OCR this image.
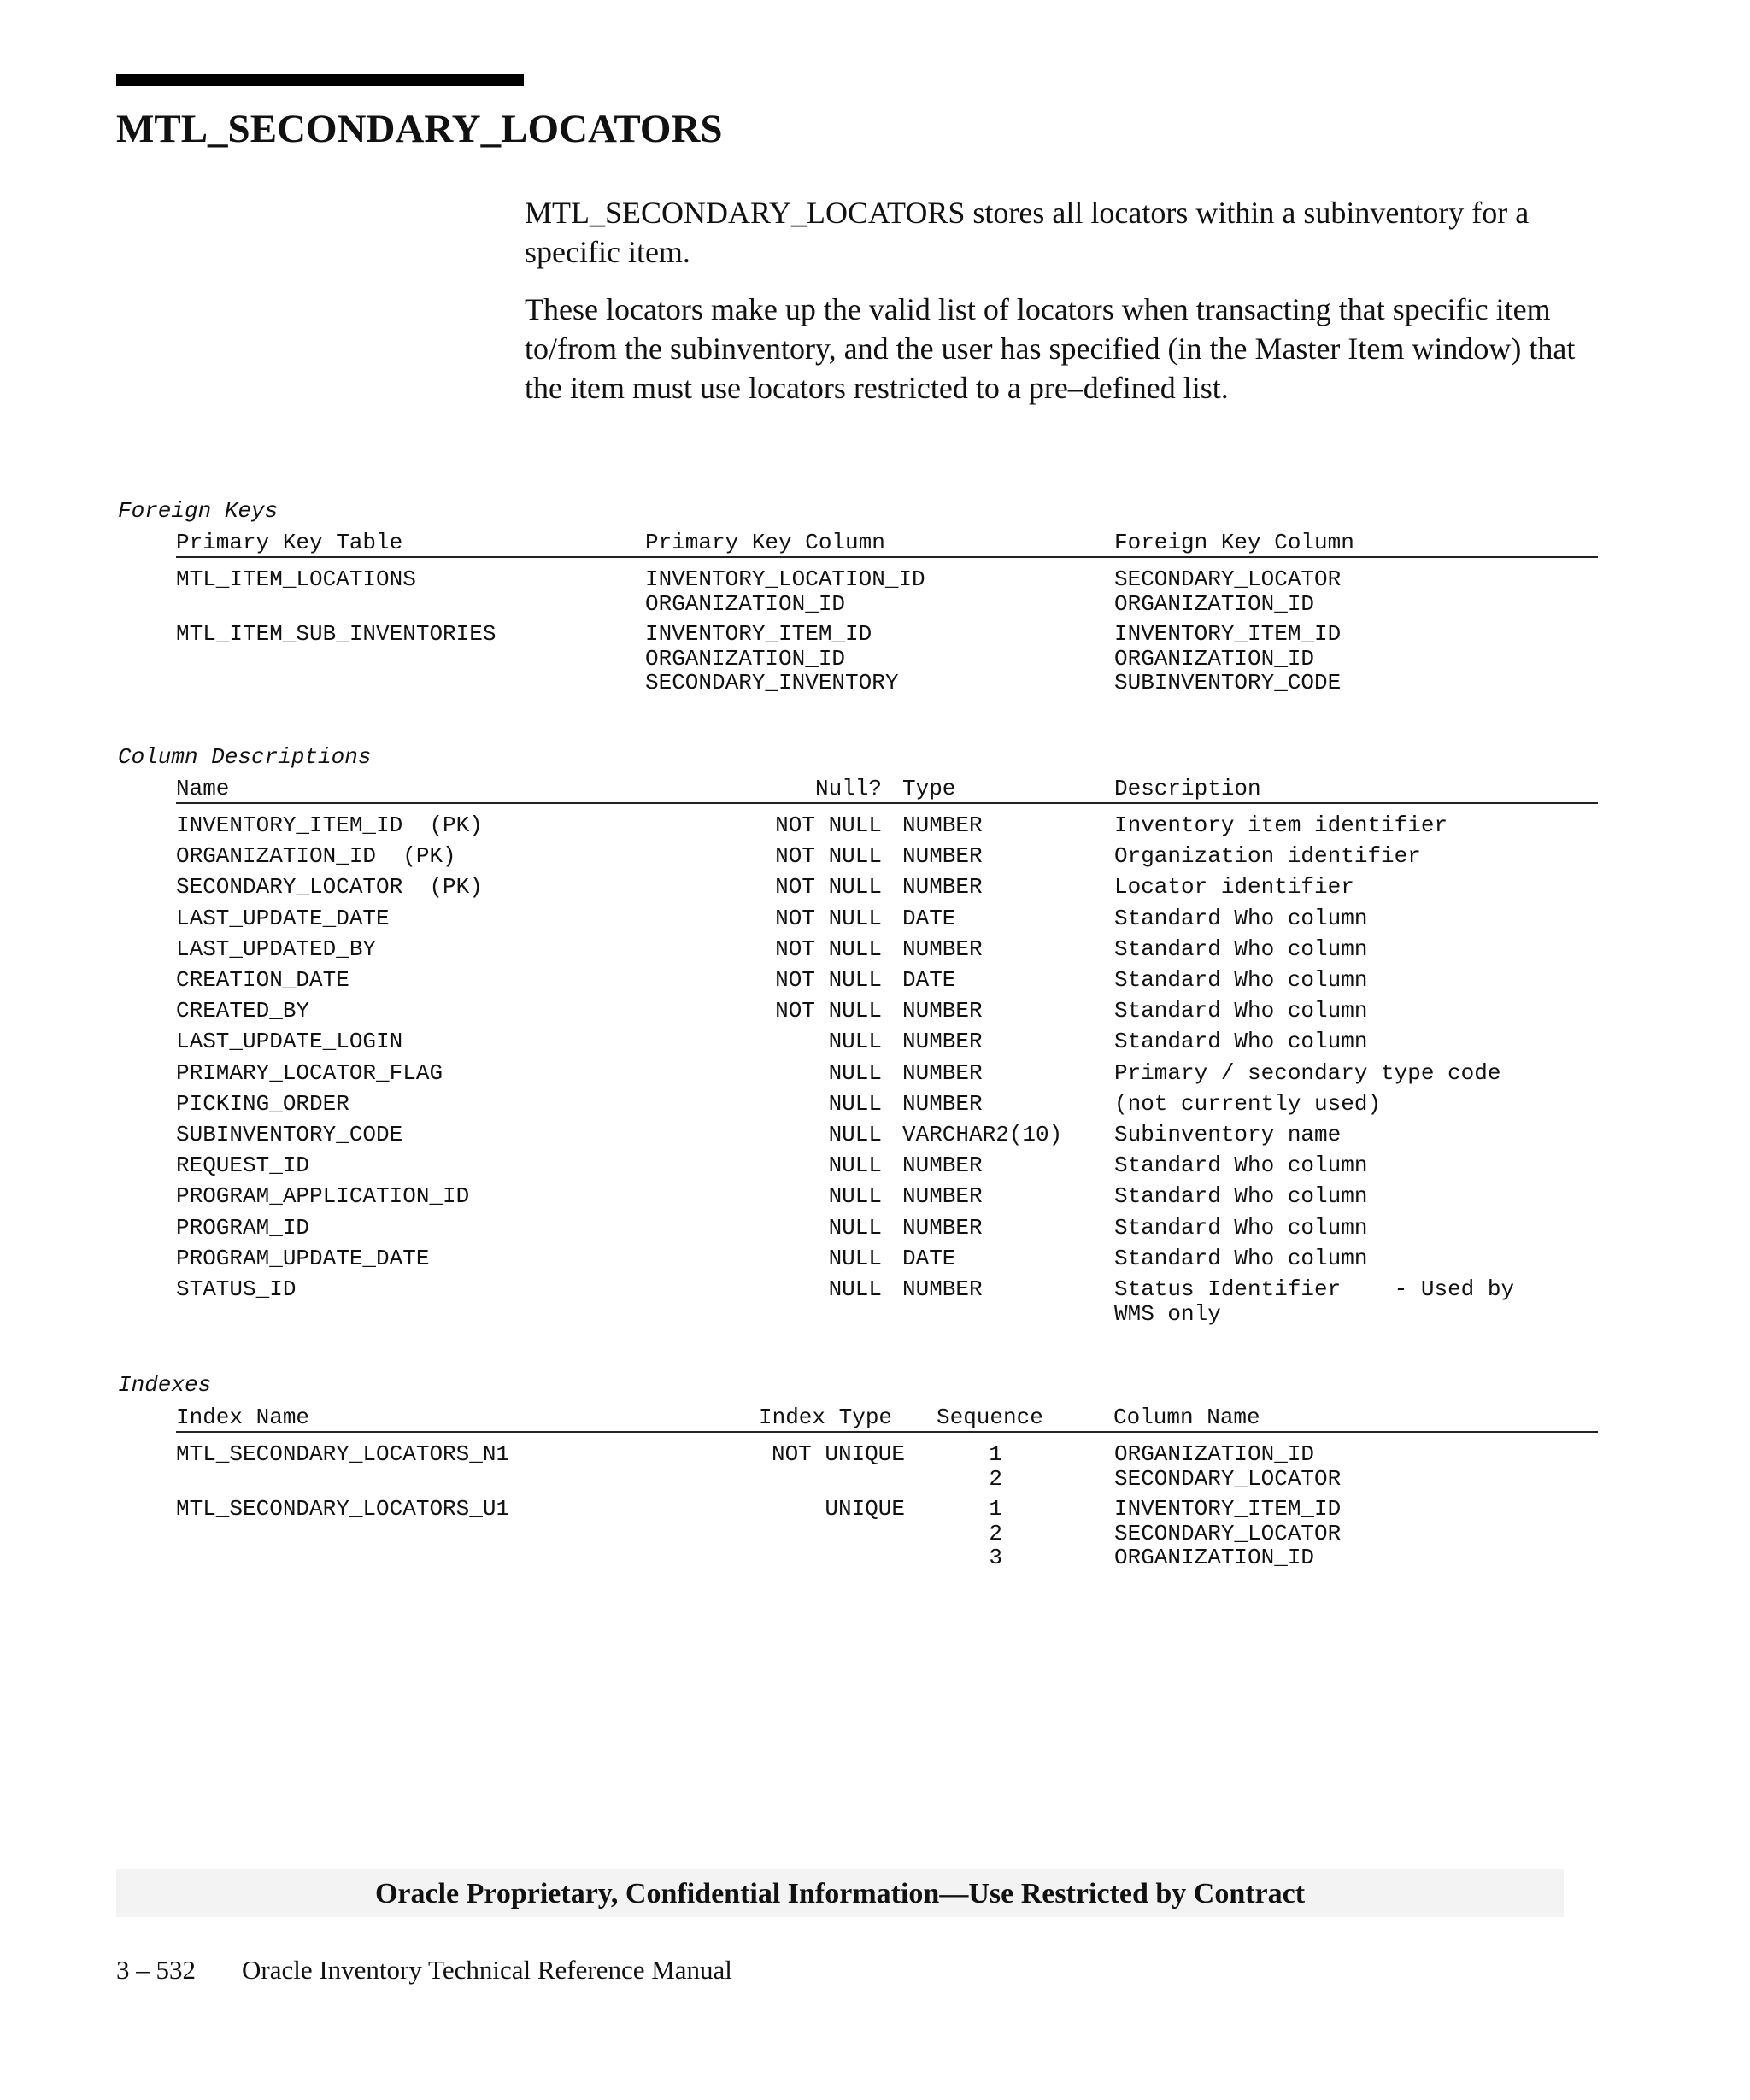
MTL_SECONDARY_LOCATORS

MTL_SECONDARY_LOCATORS stores all locators within a subinventory for a specific item.

These locators make up the valid list of locators when transacting that specific item to/from the subinventory, and the user has specified (in the Master Item window) that the item must use locators restricted to a pre–defined list.

Foreign Keys
Primary Key Table	Primary Key Column	Foreign Key Column
MTL_ITEM_LOCATIONS	INVENTORY_LOCATION_ID	SECONDARY_LOCATOR
ORGANIZATION_ID	ORGANIZATION_ID
MTL_ITEM_SUB_INVENTORIES	INVENTORY_ITEM_ID	INVENTORY_ITEM_ID
ORGANIZATION_ID	ORGANIZATION_ID
SECONDARY_INVENTORY	SUBINVENTORY_CODE
Column Descriptions
Name	Null? Type	Description
INVENTORY_ITEM_ID  (PK)	NOT NULL NUMBER	Inventory item identifier
ORGANIZATION_ID  (PK)	NOT NULL NUMBER	Organization identifier
SECONDARY_LOCATOR  (PK)	NOT NULL NUMBER	Locator identifier
LAST_UPDATE_DATE	NOT NULL DATE	Standard Who column
LAST_UPDATED_BY	NOT NULL NUMBER	Standard Who column
CREATION_DATE	NOT NULL DATE	Standard Who column
CREATED_BY	NOT NULL NUMBER	Standard Who column
LAST_UPDATE_LOGIN	NULL NUMBER	Standard Who column
PRIMARY_LOCATOR_FLAG	NULL NUMBER	Primary / secondary type code
PICKING_ORDER	NULL NUMBER	(not currently used)
SUBINVENTORY_CODE	NULL VARCHAR2(10) Subinventory name
REQUEST_ID	NULL NUMBER	Standard Who column
PROGRAM_APPLICATION_ID	NULL NUMBER	Standard Who column
PROGRAM_ID	NULL NUMBER	Standard Who column
PROGRAM_UPDATE_DATE	NULL DATE	Standard Who column
STATUS_ID	NULL NUMBER	Status Identifier    - Used by
WMS only
Indexes
Index Name	Index Type Sequence	Column Name
MTL_SECONDARY_LOCATORS_N1	NOT UNIQUE	1	ORGANIZATION_ID
2	SECONDARY_LOCATOR
MTL_SECONDARY_LOCATORS_U1	UNIQUE	1	INVENTORY_ITEM_ID
2	SECONDARY_LOCATOR
3	ORGANIZATION_ID
Oracle Proprietary, Confidential Information––Use Restricted by Contract
3 – 532 Oracle Inventory Technical Reference Manual
